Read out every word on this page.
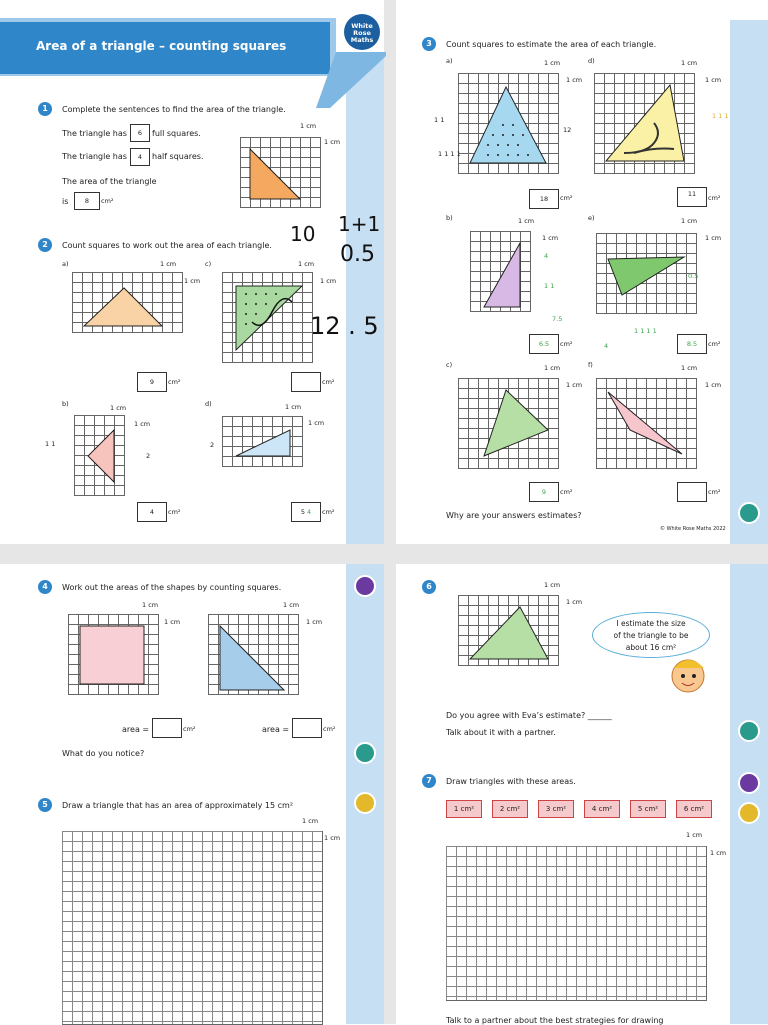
Area of a triangle – counting squares
White
Rose
Maths
1	Complete the sentences to find the area of the triangle.
The triangle has	6	full squares.
The triangle has	4	half squares.
The area of the triangle
is	8	cm²
1 cm
1 cm
2	Count squares to work out the area of each triangle.
a)	c)
1 cm
1 cm
1 cm
1 cm
9	cm²	cm²
b)	d)
1 cm
1 cm
1 cm
1 cm
1 1
2
2
4	cm²	5 4	cm²
10 1+1
0.5
12 . 5
3	Count squares to estimate the area of each triangle.
a)	d)
1 cm
1 cm
1 cm
1 cm
1 1
1 1 1 1
12
1 1 1
18	cm²	11	cm²
b)	e)
1 cm
1 cm
1 cm
1 cm
4
1 1
7.5
0.5
1 1 1 1
4
6.5	cm²	8.5	cm²
c)	f)
1 cm
1 cm
1 cm
1 cm
9	cm²	cm²
Why are your answers estimates?
© White Rose Maths 2022
4	Work out the areas of the shapes by counting squares.
1 cm
1 cm
1 cm
1 cm
area =	cm²	area =	cm²
What do you notice?
5	Draw a triangle that has an area of approximately 15 cm²
1 cm
1 cm
6	1 cm
1 cm
I estimate the size
of the triangle to be
about 16 cm²
Do you agree with Eva’s estimate? ______
Talk about it with a partner.
7	Draw triangles with these areas.
1 cm²	2 cm²	3 cm²	4 cm²	5 cm²	6 cm²
1 cm
1 cm
Talk to a partner about the best strategies for drawing
